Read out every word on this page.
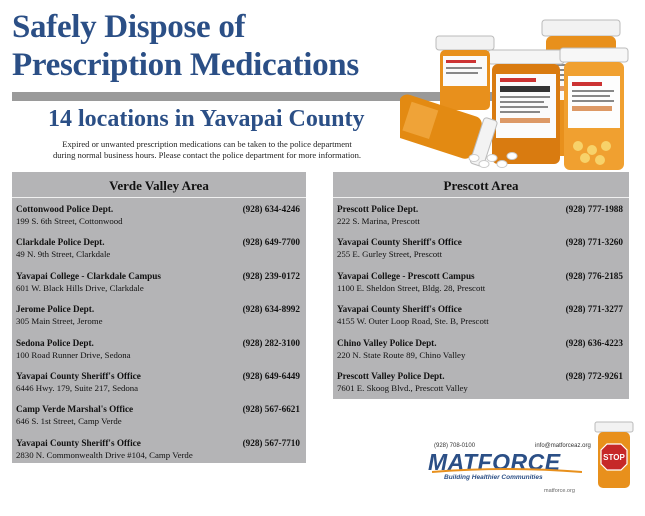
Safely Dispose of
Prescription Medications
14 locations in Yavapai County
Expired or unwanted prescription medications can be taken to the police department
during normal business hours. Please contact the police department for more information.
Verde Valley Area
Cottonwood Police Dept.
199 S. 6th Street, Cottonwood
(928) 634-4246
Clarkdale Police Dept.
49 N. 9th Street, Clarkdale
(928) 649-7700
Yavapai College - Clarkdale Campus
601 W. Black Hills Drive, Clarkdale
(928) 239-0172
Jerome Police Dept.
305 Main Street, Jerome
(928) 634-8992
Sedona Police Dept.
100 Road Runner Drive, Sedona
(928) 282-3100
Yavapai County Sheriff's Office
6446 Hwy. 179, Suite 217, Sedona
(928) 649-6449
Camp Verde Marshal's Office
646 S. 1st Street, Camp Verde
(928) 567-6621
Yavapai County Sheriff's Office
2830 N. Commonwealth Drive #104, Camp Verde
(928) 567-7710
Prescott Area
Prescott Police Dept.
222 S. Marina, Prescott
(928) 777-1988
Yavapai County Sheriff's Office
255 E. Gurley Street, Prescott
(928) 771-3260
Yavapai College - Prescott Campus
1100 E. Sheldon Street, Bldg. 28, Prescott
(928) 776-2185
Yavapai County Sheriff's Office
4155 W. Outer Loop Road, Ste. B, Prescott
(928) 771-3277
Chino Valley Police Dept.
220 N. State Route 89, Chino Valley
(928) 636-4223
Prescott Valley Police Dept.
7601 E. Skoog Blvd., Prescott Valley
(928) 772-9261
(928) 708-0100	info@matforceaz.org
MATFORCE
Building Healthier Communities
matforce.org
STOP
